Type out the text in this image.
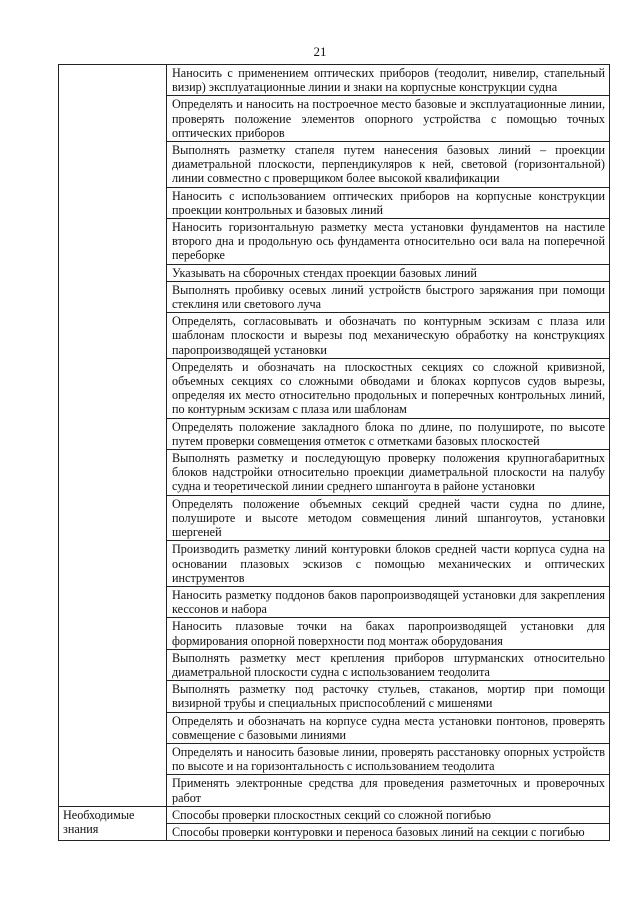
21
	Наносить с применением оптических приборов (теодолит, нивелир, стапельный визир) эксплуатационные линии и знаки на корпусные конструкции судна
	Определять и наносить на построечное место базовые и эксплуатационные линии, проверять положение элементов опорного устройства с помощью точных оптических приборов
	Выполнять разметку стапеля путем нанесения базовых линий – проекции диаметральной плоскости, перпендикуляров к ней, световой (горизонтальной) линии совместно с проверщиком более высокой квалификации
	Наносить с использованием оптических приборов на корпусные конструкции проекции контрольных и базовых линий
	Наносить горизонтальную разметку места установки фундаментов на настиле второго дна и продольную ось фундамента относительно оси вала на поперечной переборке
	Указывать на сборочных стендах проекции базовых линий
	Выполнять пробивку осевых линий устройств быстрого заряжания при помощи стеклиня или светового луча
	Определять, согласовывать и обозначать по контурным эскизам с плаза или шаблонам плоскости и вырезы под механическую обработку на конструкциях паропроизводящей установки
	Определять и обозначать на плоскостных секциях со сложной кривизной, объемных секциях со сложными обводами и блоках корпусов судов вырезы, определяя их место относительно продольных и поперечных контрольных линий, по контурным эскизам с плаза или шаблонам
	Определять положение закладного блока по длине, по полушироте, по высоте путем проверки совмещения отметок с отметками базовых плоскостей
	Выполнять разметку и последующую проверку положения крупногабаритных блоков надстройки относительно проекции диаметральной плоскости на палубу судна и теоретической линии среднего шпангоута в районе установки
	Определять положение объемных секций средней части судна по длине, полушироте и высоте методом совмещения линий шпангоутов, установки шергеней
	Производить разметку линий контуровки блоков средней части корпуса судна на основании плазовых эскизов с помощью механических и оптических инструментов
	Наносить разметку поддонов баков паропроизводящей установки для закрепления кессонов и набора
	Наносить плазовые точки на баках паропроизводящей установки для формирования опорной поверхности под монтаж оборудования
	Выполнять разметку мест крепления приборов штурманских относительно диаметральной плоскости судна с использованием теодолита
	Выполнять разметку под расточку стульев, стаканов, мортир при помощи визирной трубы и специальных приспособлений с мишенями
	Определять и обозначать на корпусе судна места установки понтонов, проверять совмещение с базовыми линиями
	Определять и наносить базовые линии, проверять расстановку опорных устройств по высоте и на горизонтальность с использованием теодолита
	Применять электронные средства для проведения разметочных и проверочных работ
Необходимые знания	Способы проверки плоскостных секций со сложной погибью
	Способы проверки контуровки и переноса базовых линий на секции с погибью
